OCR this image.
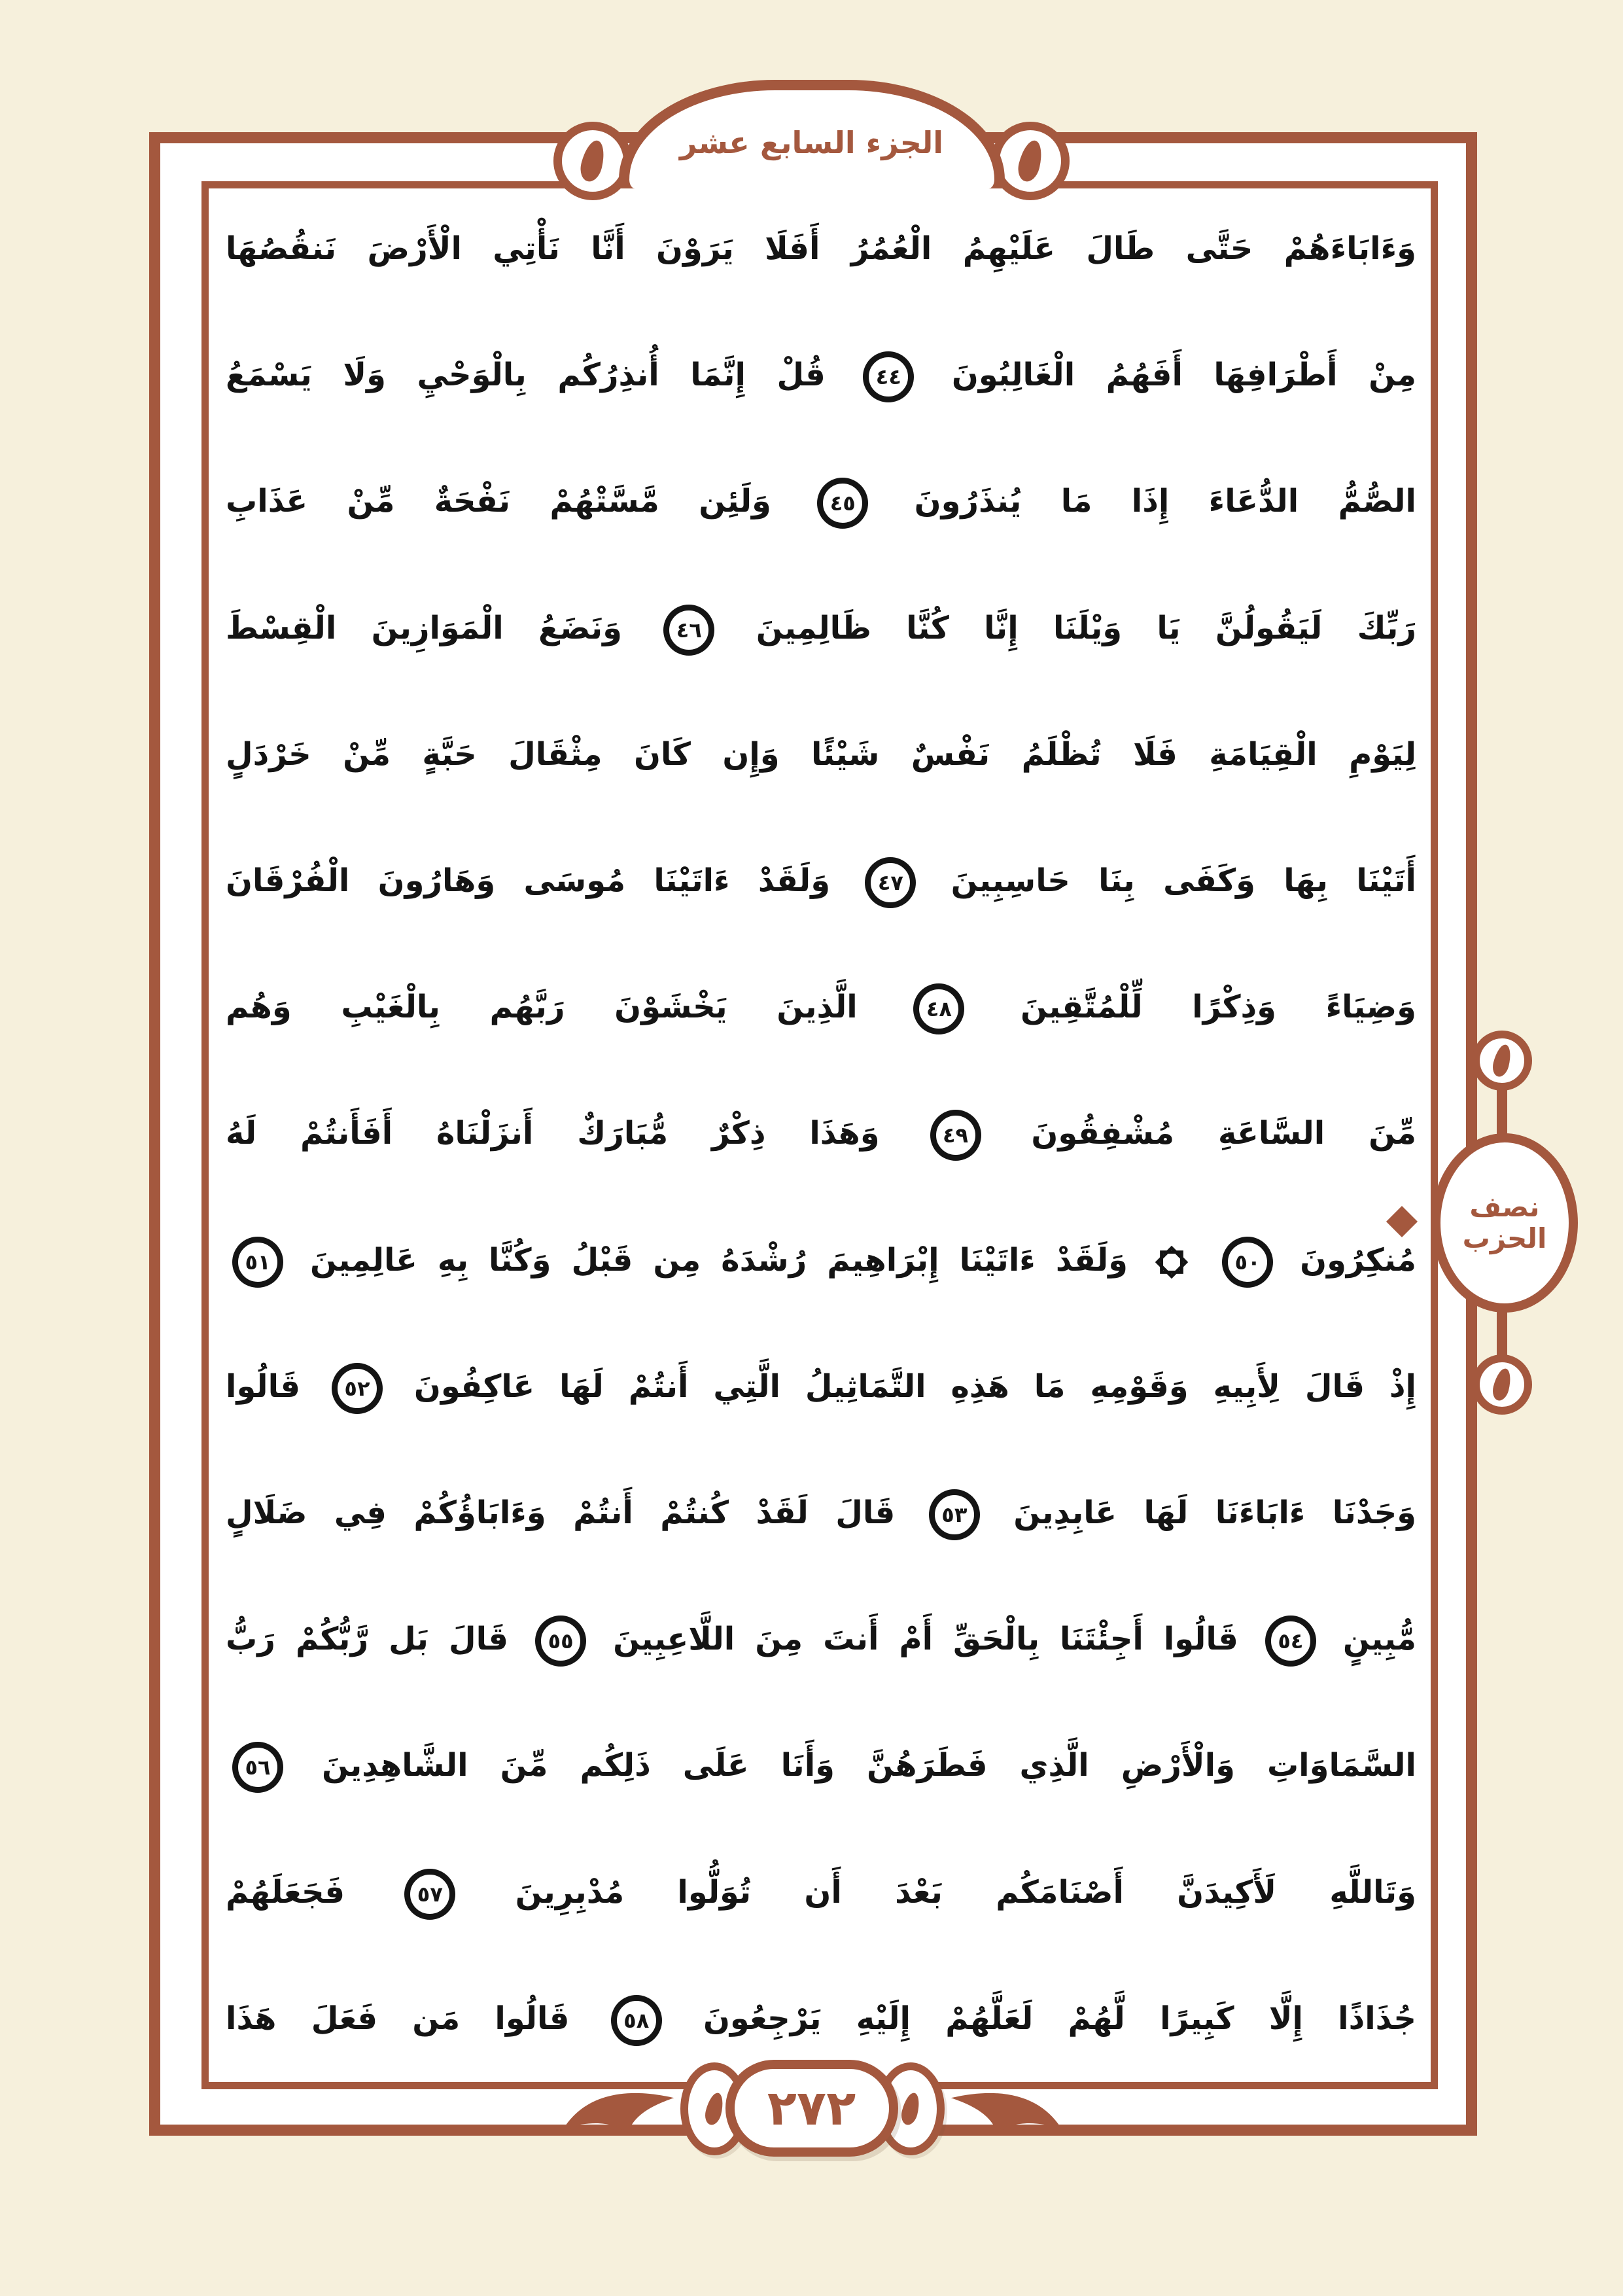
الجزء السابع عشر
وَءَابَاءَهُمْ حَتَّى طَالَ عَلَيْهِمُ الْعُمُرُ أَفَلَا يَرَوْنَ أَنَّا نَأْتِي الْأَرْضَ نَنقُصُهَا
مِنْ أَطْرَافِهَا أَفَهُمُ الْغَالِبُونَ ٤٤ قُلْ إِنَّمَا أُنذِرُكُم بِالْوَحْيِ وَلَا يَسْمَعُ
الصُّمُّ الدُّعَاءَ إِذَا مَا يُنذَرُونَ ٤٥ وَلَئِن مَّسَّتْهُمْ نَفْحَةٌ مِّنْ عَذَابِ
رَبِّكَ لَيَقُولُنَّ يَا وَيْلَنَا إِنَّا كُنَّا ظَالِمِينَ ٤٦ وَنَضَعُ الْمَوَازِينَ الْقِسْطَ
لِيَوْمِ الْقِيَامَةِ فَلَا تُظْلَمُ نَفْسٌ شَيْئًا وَإِن كَانَ مِثْقَالَ حَبَّةٍ مِّنْ خَرْدَلٍ
أَتَيْنَا بِهَا وَكَفَى بِنَا حَاسِبِينَ ٤٧ وَلَقَدْ ءَاتَيْنَا مُوسَى وَهَارُونَ الْفُرْقَانَ
وَضِيَاءً وَذِكْرًا لِّلْمُتَّقِينَ ٤٨ الَّذِينَ يَخْشَوْنَ رَبَّهُم بِالْغَيْبِ وَهُم
مِّنَ السَّاعَةِ مُشْفِقُونَ ٤٩ وَهَذَا ذِكْرٌ مُّبَارَكٌ أَنزَلْنَاهُ أَفَأَنتُمْ لَهُ
مُنكِرُونَ ٥٠
وَلَقَدْ ءَاتَيْنَا إِبْرَاهِيمَ رُشْدَهُ مِن قَبْلُ وَكُنَّا بِهِ عَالِمِينَ ٥١
إِذْ قَالَ لِأَبِيهِ وَقَوْمِهِ مَا هَذِهِ التَّمَاثِيلُ الَّتِي أَنتُمْ لَهَا عَاكِفُونَ ٥٢ قَالُوا
وَجَدْنَا ءَابَاءَنَا لَهَا عَابِدِينَ ٥٣ قَالَ لَقَدْ كُنتُمْ أَنتُمْ وَءَابَاؤُكُمْ فِي ضَلَالٍ
مُّبِينٍ ٥٤ قَالُوا أَجِئْتَنَا بِالْحَقِّ أَمْ أَنتَ مِنَ اللَّاعِبِينَ ٥٥ قَالَ بَل رَّبُّكُمْ رَبُّ
السَّمَاوَاتِ وَالْأَرْضِ الَّذِي فَطَرَهُنَّ وَأَنَا عَلَى ذَلِكُم مِّنَ الشَّاهِدِينَ ٥٦
وَتَاللَّهِ لَأَكِيدَنَّ أَصْنَامَكُم بَعْدَ أَن تُوَلُّوا مُدْبِرِينَ ٥٧ فَجَعَلَهُمْ
جُذَاذًا إِلَّا كَبِيرًا لَّهُمْ لَعَلَّهُمْ إِلَيْهِ يَرْجِعُونَ ٥٨ قَالُوا مَن فَعَلَ هَذَا
نصف
الحزب
٢٧٢
